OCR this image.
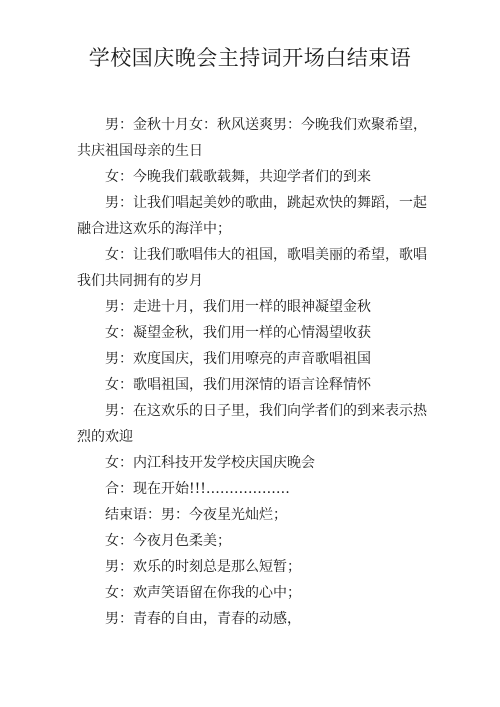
学校国庆晚会主持词开场白结束语

男：金秋十月女：秋风送爽男：今晚我们欢聚希望，共庆祖国母亲的生日

女：今晚我们载歌载舞，共迎学者们的到来

男：让我们唱起美妙的歌曲，跳起欢快的舞蹈，一起融合进这欢乐的海洋中；

女：让我们歌唱伟大的祖国，歌唱美丽的希望，歌唱我们共同拥有的岁月

男：走进十月，我们用一样的眼神凝望金秋

女：凝望金秋，我们用一样的心情渴望收获

男：欢度国庆，我们用嘹亮的声音歌唱祖国

女：歌唱祖国，我们用深情的语言诠释情怀

男：在这欢乐的日子里，我们向学者们的到来表示热烈的欢迎

女：内江科技开发学校庆国庆晚会

合：现在开始!!!………………

结束语：男：今夜星光灿烂；

女：今夜月色柔美；

男：欢乐的时刻总是那么短暂；

女：欢声笑语留在你我的心中；

男：青春的自由，青春的动感，
